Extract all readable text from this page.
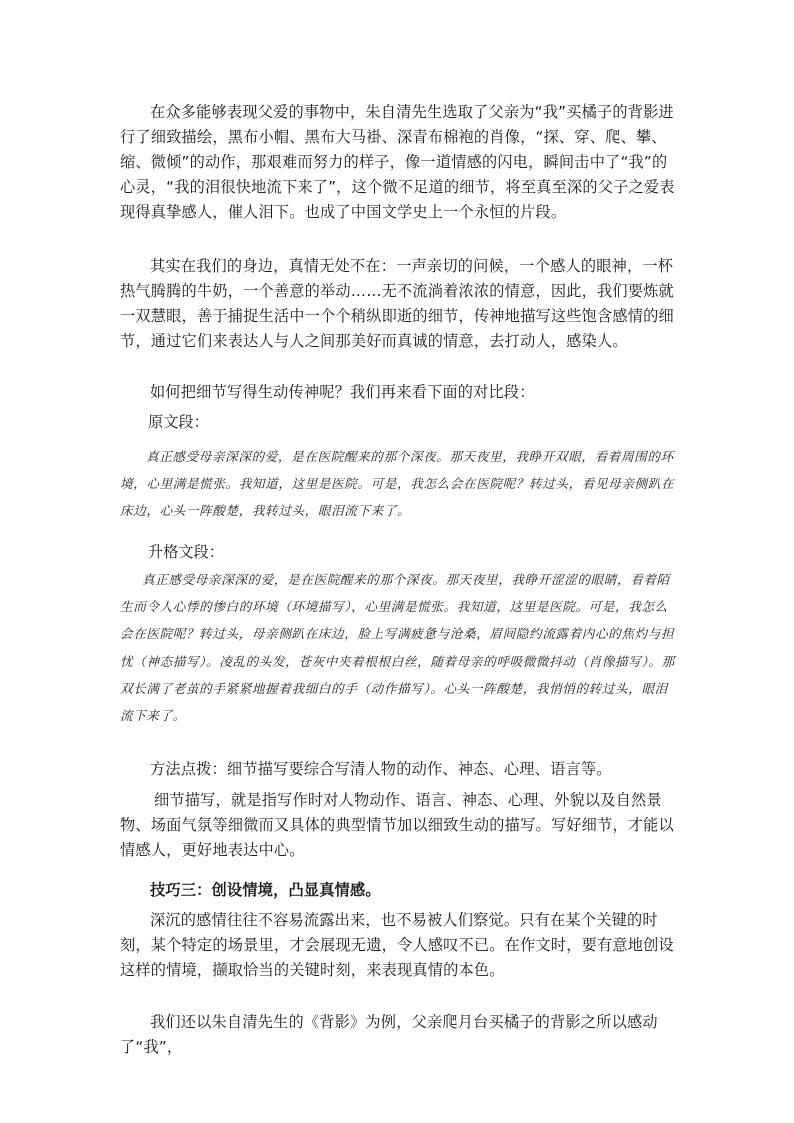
在众多能够表现父爱的事物中，朱自清先生选取了父亲为“我”买橘子的背影进行了细致描绘，黑布小帽、黑布大马褂、深青布棉袍的肖像，“探、穿、爬、攀、缩、微倾”的动作，那艰难而努力的样子，像一道情感的闪电，瞬间击中了“我”的心灵，“我的泪很快地流下来了”，这个微不足道的细节，将至真至深的父子之爱表现得真挚感人，催人泪下。也成了中国文学史上一个永恒的片段。

其实在我们的身边，真情无处不在：一声亲切的问候，一个感人的眼神，一杯热气腾腾的牛奶，一个善意的举动……无不流淌着浓浓的情意，因此，我们要炼就一双慧眼，善于捕捉生活中一个个稍纵即逝的细节，传神地描写这些饱含感情的细节，通过它们来表达人与人之间那美好而真诚的情意，去打动人，感染人。

如何把细节写得生动传神呢？我们再来看下面的对比段：

原文段：

真正感受母亲深深的爱，是在医院醒来的那个深夜。那天夜里，我睁开双眼，看着周围的环境，心里满是慌张。我知道，这里是医院。可是，我怎么会在医院呢？转过头，看见母亲侧趴在床边，心头一阵酸楚，我转过头，眼泪流下来了。

升格文段：

真正感受母亲深深的爱，是在医院醒来的那个深夜。那天夜里，我睁开涩涩的眼睛，看着陌生而令人心悸的惨白的环境（环境描写），心里满是慌张。我知道，这里是医院。可是，我怎么会在医院呢？转过头，母亲侧趴在床边，脸上写满疲惫与沧桑，眉间隐约流露着内心的焦灼与担忧（神态描写）。凌乱的头发，苍灰中夹着根根白丝，随着母亲的呼吸微微抖动（肖像描写）。那双长满了老茧的手紧紧地握着我细白的手（动作描写）。心头一阵酸楚，我悄悄的转过头，眼泪流下来了。

方法点拨：细节描写要综合写清人物的动作、神态、心理、语言等。

细节描写，就是指写作时对人物动作、语言、神态、心理、外貌以及自然景物、场面气氛等细微而又具体的典型情节加以细致生动的描写。写好细节，才能以情感人，更好地表达中心。

技巧三：创设情境，凸显真情感。

深沉的感情往往不容易流露出来，也不易被人们察觉。只有在某个关键的时刻，某个特定的场景里，才会展现无遗，令人感叹不已。在作文时，要有意地创设这样的情境，撷取恰当的关键时刻，来表现真情的本色。

我们还以朱自清先生的《背影》为例，父亲爬月台买橘子的背影之所以感动了“我”，
